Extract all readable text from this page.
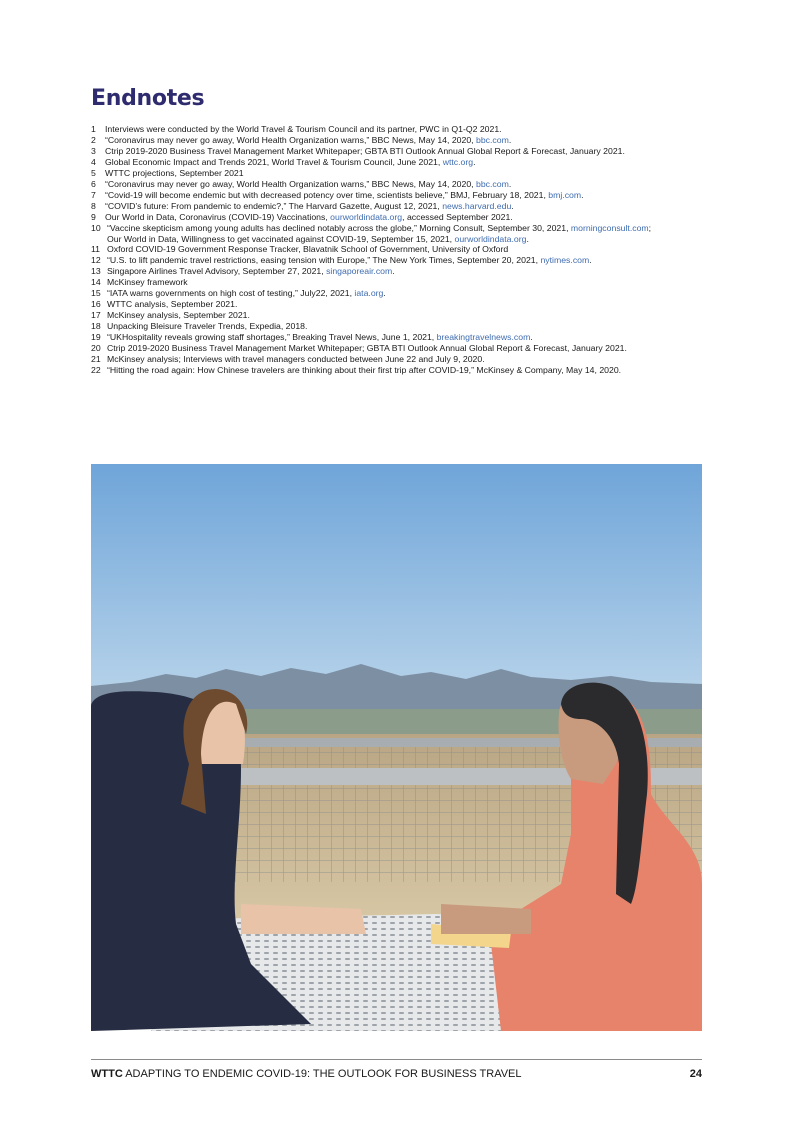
Endnotes
1	Interviews were conducted by the World Travel & Tourism Council and its partner, PWC in Q1-Q2 2021.
2	“Coronavirus may never go away, World Health Organization warns,” BBC News, May 14, 2020, bbc.com.
3	Ctrip 2019-2020 Business Travel Management Market Whitepaper; GBTA BTI Outlook Annual Global Report & Forecast, January 2021.
4	Global Economic Impact and Trends 2021, World Travel & Tourism Council, June 2021, wttc.org.
5	WTTC projections, September 2021
6	“Coronavirus may never go away, World Health Organization warns,” BBC News, May 14, 2020, bbc.com.
7	“Covid-19 will become endemic but with decreased potency over time, scientists believe,” BMJ, February 18, 2021, bmj.com.
8	“COVID’s future: From pandemic to endemic?,” The Harvard Gazette, August 12, 2021, news.harvard.edu.
9	Our World in Data, Coronavirus (COVID-19) Vaccinations, ourworldindata.org, accessed September 2021.
10 “Vaccine skepticism among young adults has declined notably across the globe,” Morning Consult, September 30, 2021, morningconsult.com;
Our World in Data, Willingness to get vaccinated against COVID-19, September 15, 2021, ourworldindata.org.
11 Oxford COVID-19 Government Response Tracker, Blavatnik School of Government, University of Oxford
12 “U.S. to lift pandemic travel restrictions, easing tension with Europe,” The New York Times, September 20, 2021, nytimes.com.
13 Singapore Airlines Travel Advisory, September 27, 2021, singaporeair.com.
14 McKinsey framework
15 “IATA warns governments on high cost of testing,” July22, 2021, iata.org.
16 WTTC analysis, September 2021.
17 McKinsey analysis, September 2021.
18 Unpacking Bleisure Traveler Trends, Expedia, 2018.
19 “UKHospitality reveals growing staff shortages,” Breaking Travel News, June 1, 2021, breakingtravelnews.com.
20 Ctrip 2019-2020 Business Travel Management Market Whitepaper; GBTA BTI Outlook Annual Global Report & Forecast, January 2021.
21 McKinsey analysis; Interviews with travel managers conducted between June 22 and July 9, 2020.
22 “Hitting the road again: How Chinese travelers are thinking about their first trip after COVID-19,” McKinsey & Company, May 14, 2020.
WTTC ADAPTING TO ENDEMIC COVID-19: THE OUTLOOK FOR BUSINESS TRAVEL	24
